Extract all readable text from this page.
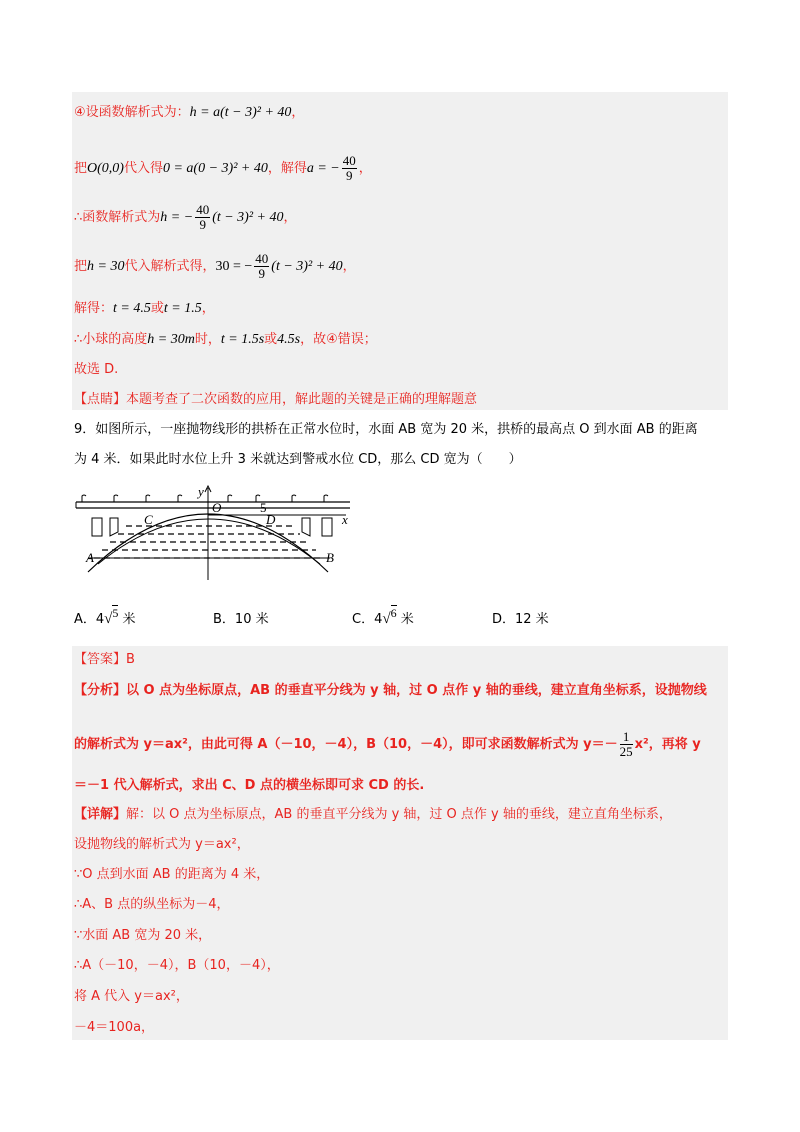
④设函数解析式为：h = a(t − 3)² + 40，
把O(0,0)代入得0 = a(0 − 3)² + 40，解得a = − $\frac{40}{9}$ ，
∴函数解析式为h = − $\frac{40}{9} (t - 3)^2 + 40$，
把h = 30代入解析式得，30 = − $\frac{40}{9} (t - 3)^2 + 40$，
解得：t = 4.5或t = 1.5，
∴小球的高度h = 30m时，t = 1.5s或4.5s，故④错误；
故选 D.
【点睛】本题考查了二次函数的应用，解此题的关键是正确的理解题意
9．如图所示，一座抛物线形的拱桥在正常水位时，水面 AB 宽为 20 米，拱桥的最高点 O 到水面 AB 的距离
为 4 米．如果此时水位上升 3 米就达到警戒水位 CD，那么 CD 宽为（　　）
y
O	5
x
C	D
A	B
A．4√5 米	B．10 米	C．4√6 米	D．12 米
【答案】B
【分析】以 O 点为坐标原点，AB 的垂直平分线为 y 轴，过 O 点作 y 轴的垂线，建立直角坐标系，设抛物线
的解析式为 y＝ax²，由此可得 A（－10，－4），B（10，－4），即可求函数解析式为 $y=- \frac{1}{25} x^2$，再将 y
＝－1 代入解析式，求出 C、D 点的横坐标即可求 CD 的长.
【详解】解：以 O 点为坐标原点，AB 的垂直平分线为 y 轴，过 O 点作 y 轴的垂线，建立直角坐标系，
设抛物线的解析式为 y＝ax²，
∵O 点到水面 AB 的距离为 4 米，
∴A、B 点的纵坐标为－4，
∵水面 AB 宽为 20 米，
∴A（－10，－4），B（10，－4），
将 A 代入 y＝ax²，
－4＝100a，
